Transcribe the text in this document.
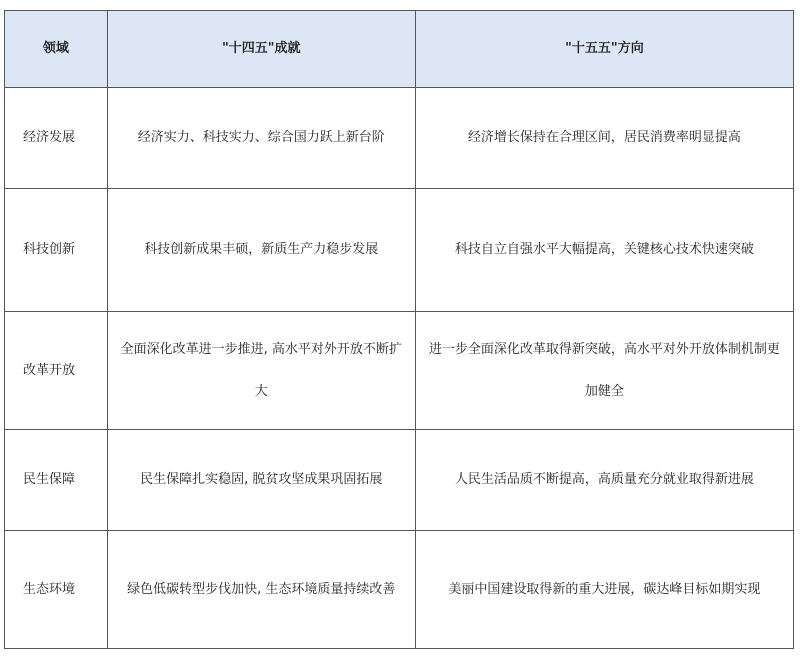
领域	"十四五"成就	"十五五"方向
经济发展	经济实力、科技实力、综合国力跃上新台阶	经济增长保持在合理区间，居民消费率明显提高
科技创新	科技创新成果丰硕，新质生产力稳步发展	科技自立自强水平大幅提高，关键核心技术快速突破
改革开放	全面深化改革进一步推进, 高水平对外开放不断扩大	进一步全面深化改革取得新突破，高水平对外开放体制机制更加健全
民生保障	民生保障扎实稳固, 脱贫攻坚成果巩固拓展	人民生活品质不断提高，高质量充分就业取得新进展
生态环境	绿色低碳转型步伐加快, 生态环境质量持续改善	美丽中国建设取得新的重大进展，碳达峰目标如期实现
